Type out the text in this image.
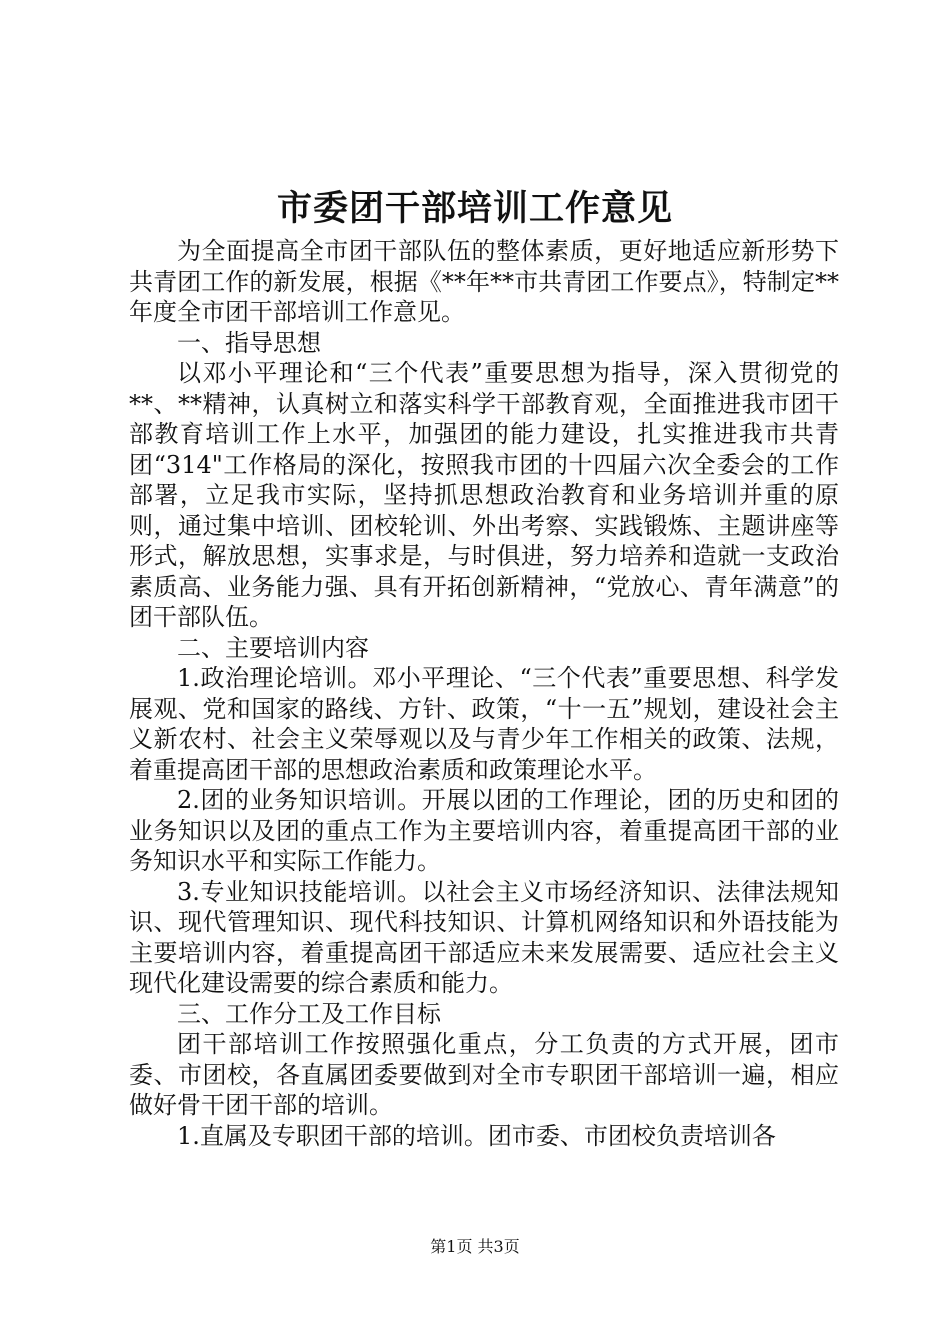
市委团干部培训工作意见

为全面提高全市团干部队伍的整体素质，更好地适应新形势下共青团工作的新发展，根据《**年**市共青团工作要点》，特制定**年度全市团干部培训工作意见。

一、指导思想

以邓小平理论和“三个代表”重要思想为指导，深入贯彻党的**、**精神，认真树立和落实科学干部教育观，全面推进我市团干部教育培训工作上水平，加强团的能力建设，扎实推进我市共青团“314"工作格局的深化，按照我市团的十四届六次全委会的工作部署，立足我市实际，坚持抓思想政治教育和业务培训并重的原则，通过集中培训、团校轮训、外出考察、实践锻炼、主题讲座等形式，解放思想，实事求是，与时俱进，努力培养和造就一支政治素质高、业务能力强、具有开拓创新精神，“党放心、青年满意”的团干部队伍。

二、主要培训内容

1.政治理论培训。邓小平理论、“三个代表”重要思想、科学发展观、党和国家的路线、方针、政策，“十一五”规划，建设社会主义新农村、社会主义荣辱观以及与青少年工作相关的政策、法规，着重提高团干部的思想政治素质和政策理论水平。

2.团的业务知识培训。开展以团的工作理论，团的历史和团的业务知识以及团的重点工作为主要培训内容，着重提高团干部的业务知识水平和实际工作能力。

3.专业知识技能培训。以社会主义市场经济知识、法律法规知识、现代管理知识、现代科技知识、计算机网络知识和外语技能为主要培训内容，着重提高团干部适应未来发展需要、适应社会主义现代化建设需要的综合素质和能力。

三、工作分工及工作目标

团干部培训工作按照强化重点，分工负责的方式开展，团市委、市团校，各直属团委要做到对全市专职团干部培训一遍，相应做好骨干团干部的培训。

1.直属及专职团干部的培训。团市委、市团校负责培训各

第1页 共3页
